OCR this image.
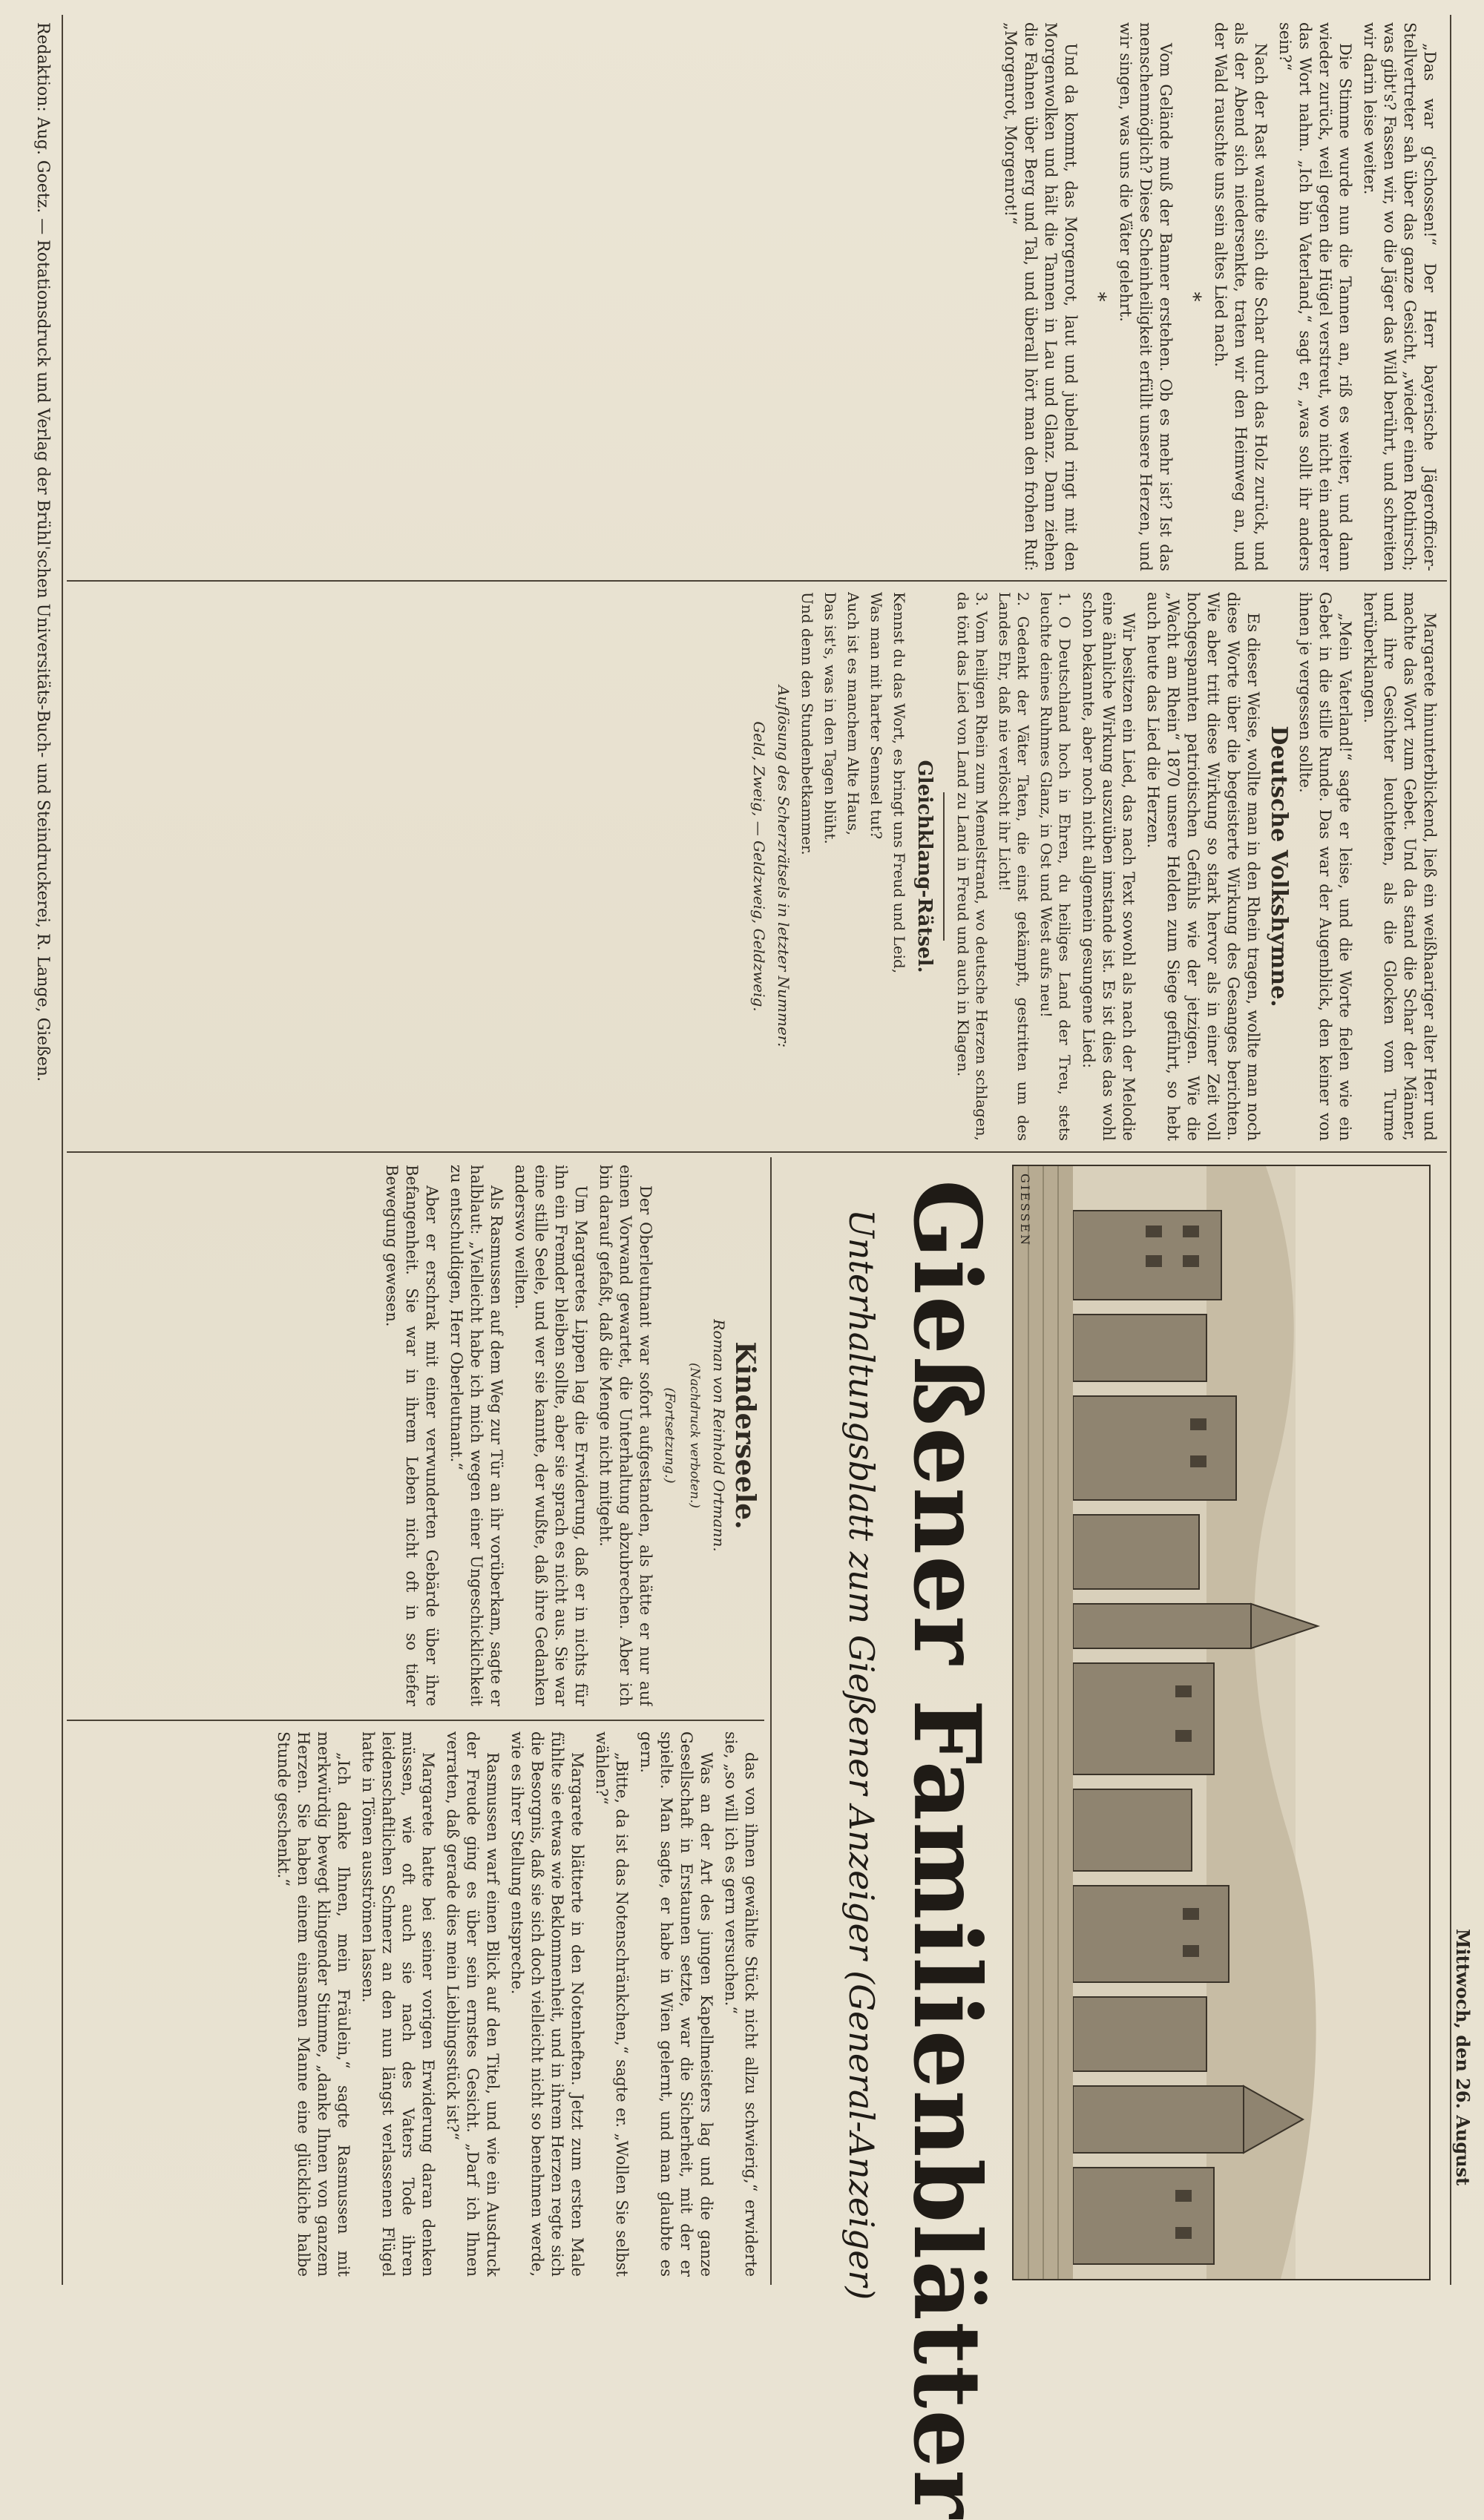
Mittwoch, den 26. August

„Das war g'schossen!“ Der Herr bayerische Jägerofficier-Stellvertreter sah über das ganze Gesicht, „wieder einen Rothirsch; was gibt's? Fassen wir, wo die Jäger das Wild berührt, und schreiten wir darin leise weiter.

Die Stimme wurde nun die Tannen an, riß es weiter, und dann wieder zurück, weil gegen die Hügel verstreut, wo nicht ein anderer das Wort nahm. „Ich bin Vaterland,“ sagt er, „was sollt ihr anders sein?“

Nach der Rast wandte sich die Schar durch das Holz zurück, und als der Abend sich niedersenkte, traten wir den Heimweg an, und der Wald rauschte uns sein altes Lied nach.

*

Vom Gelände muß der Banner erstehen. Ob es mehr ist? Ist das menschenmöglich? Diese Scheinheiligkeit erfüllt unsere Herzen, und wir singen, was uns die Väter gelehrt.

*

Und da kommt, das Morgenrot, laut und jubelnd ringt mit den Morgenwolken und hält die Tannen in Lau und Glanz. Dann ziehen die Fahnen über Berg und Tal, und überall hört man den frohen Ruf: „Morgenrot, Morgenrot!“

Margarete hinunterblickend, ließ ein weißhaariger alter Herr und machte das Wort zum Gebet. Und da stand die Schar der Männer, und ihre Gesichter leuchteten, als die Glocken vom Turme herüberklangen.

„Mein Vaterland!“ sagte er leise, und die Worte fielen wie ein Gebet in die stille Runde. Das war der Augenblick, den keiner von ihnen je vergessen sollte.

Deutsche Volkshymne.

Es dieser Weise, wollte man in den Rhein tragen, wollte man noch diese Worte über die begeisterte Wirkung des Gesanges berichten. Wie aber tritt diese Wirkung so stark hervor als in einer Zeit voll hochgespannten patriotischen Gefühls wie der jetzigen. Wie die „Wacht am Rhein“ 1870 unsere Helden zum Siege geführt, so hebt auch heute das Lied die Herzen.

Wir besitzen ein Lied, das nach Text sowohl als nach der Melodie eine ähnliche Wirkung auszuüben imstande ist. Es ist dies das wohl schon bekannte, aber noch nicht allgemein gesungene Lied:

1. O Deutschland hoch in Ehren, du heiliges Land der Treu, stets leuchte deines Ruhmes Glanz, in Ost und West aufs neu!

2. Gedenkt der Väter Taten, die einst gekämpft, gestritten um des Landes Ehr, daß nie verlöscht ihr Licht!

3. Vom heiligen Rhein zum Memelstrand, wo deutsche Herzen schlagen, da tönt das Lied von Land zu Land in Freud und auch in Klagen.

Gleichklang-Rätsel.

Kennst du das Wort, es bringt uns Freud und Leid,

Was man mit harter Sennsel tut?

Auch ist es manchem Alte Haus,

Das ist's, was in den Tagen blüht.

Und denn den Stundenbetkammer.

Auflösung des Scherzrätsels in letzter Nummer:

Geld, Zweig, — Geldzweig, Geldzweig.

GIESSEN
Gießener Familienblätter
Unterhaltungsblatt zum Gießener Anzeiger (General-Anzeiger)
Kinderseele.

Roman von Reinhold Ortmann.

(Nachdruck verboten.)

(Fortsetzung.)

Der Oberleutnant war sofort aufgestanden, als hätte er nur auf einen Vorwand gewartet, die Unterhaltung abzubrechen. Aber ich bin darauf gefaßt, daß die Menge nicht mitgeht.

Um Margaretes Lippen lag die Erwiderung, daß er in nichts für ihn ein Fremder bleiben sollte, aber sie sprach es nicht aus. Sie war eine stille Seele, und wer sie kannte, der wußte, daß ihre Gedanken anderswo weilten.

Als Rasmussen auf dem Weg zur Tür an ihr vorüberkam, sagte er halblaut: „Vielleicht habe ich mich wegen einer Ungeschicklichkeit zu entschuldigen, Herr Oberleutnant.“

Aber er erschrak mit einer verwunderten Gebärde über ihre Befangenheit. Sie war in ihrem Leben nicht oft in so tiefer Bewegung gewesen.

das von ihnen gewählte Stück nicht allzu schwierig,“ erwiderte sie, „so will ich es gern versuchen.“

Was an der Art des jungen Kapellmeisters lag und die ganze Gesellschaft in Erstaunen setzte, war die Sicherheit, mit der er spielte. Man sagte, er habe in Wien gelernt, und man glaubte es gern.

„Bitte, da ist das Notenschränkchen,“ sagte er. „Wollen Sie selbst wählen?“

Margarete blätterte in den Notenheften. Jetzt zum ersten Male fühlte sie etwas wie Beklommenheit, und in ihrem Herzen regte sich die Besorgnis, daß sie sich doch vielleicht nicht so benehmen werde, wie es ihrer Stellung entspreche.

Rasmussen warf einen Blick auf den Titel, und wie ein Ausdruck der Freude ging es über sein ernstes Gesicht. „Darf ich Ihnen verraten, daß gerade dies mein Lieblingsstück ist?“

Margarete hatte bei seiner vorigen Erwiderung daran denken müssen, wie oft auch sie nach des Vaters Tode ihren leidenschaftlichen Schmerz an den nun längst verlassenen Flügel hatte in Tönen ausströmen lassen.

„Ich danke Ihnen, mein Fräulein,“ sagte Rasmussen mit merkwürdig bewegt klingender Stimme, „danke Ihnen von ganzem Herzen. Sie haben einem einsamen Manne eine glückliche halbe Stunde geschenkt.“

Redaktion: Aug. Goetz. — Rotationsdruck und Verlag der Brühl'schen Universitäts-Buch- und Steindruckerei, R. Lange, Gießen.
